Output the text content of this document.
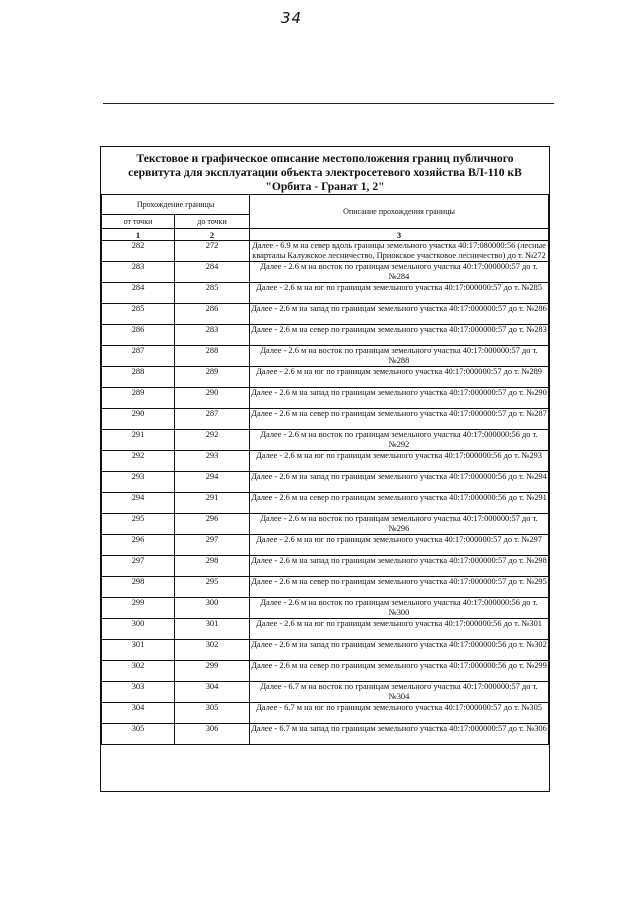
34
Текстовое и графическое описание местоположения границ публичного
сервитута для эксплуатации объекта электросетевого хозяйства ВЛ-110 кВ
"Орбита - Гранат 1, 2"
Прохождение границы		Описание прохождения границы
от точки	до точки	
1	2	3
282	272	Далее - 6.9 м на север вдоль границы земельного участка 40:17:080000:56 (лесные кварталы Калужское лесничество, Приокское участковое лесничество) до т. №272
283	284	Далее - 2.6 м на восток по границам земельного участка 40:17:000000:57 до т. №284
284	285	Далее - 2.6 м на юг по границам земельного участка 40:17:000000:57 до т. №285
285	286	Далее - 2.6 м на запад по границам земельного участка 40:17:000000:57 до т. №286
286	283	Далее - 2.6 м на север по границам земельного участка 40:17:000000:57 до т. №283
287	288	Далее - 2.6 м на восток по границам земельного участка 40:17:000000:57 до т. №288
288	289	Далее - 2.6 м на юг по границам земельного участка 40:17:000000:57 до т. №289
289	290	Далее - 2.6 м на запад по границам земельного участка 40:17:000000:57 до т. №290
290	287	Далее - 2.6 м на север по границам земельного участка 40:17:000000:57 до т. №287
291	292	Далее - 2.6 м на восток по границам земельного участка 40:17:000000:56 до т. №292
292	293	Далее - 2.6 м на юг по границам земельного участка 40:17:000000:56 до т. №293
293	294	Далее - 2.6 м на запад по границам земельного участка 40:17:000000:56 до т. №294
294	291	Далее - 2.6 м на север по границам земельного участка 40:17:000000:56 до т. №291
295	296	Далее - 2.6 м на восток по границам земельного участка 40:17:000000:57 до т. №296
296	297	Далее - 2.6 м на юг по границам земельного участка 40:17:000000:57 до т. №297
297	298	Далее - 2.6 м на запад по границам земельного участка 40:17:000000:57 до т. №298
298	295	Далее - 2.6 м на север по границам земельного участка 40:17:000000:57 до т. №295
299	300	Далее - 2.6 м на восток по границам земельного участка 40:17:000000:56 до т. №300
300	301	Далее - 2.6 м на юг по границам земельного участка 40:17:000000:56 до т. №301
301	302	Далее - 2.6 м на запад по границам земельного участка 40:17:000000:56 до т. №302
302	299	Далее - 2.6 м на север по границам земельного участка 40:17:000000:56 до т. №299
303	304	Далее - 6.7 м на восток по границам земельного участка 40:17:000000:57 до т. №304
304	305	Далее - 6.7 м на юг по границам земельного участка 40:17:000000:57 до т. №305
305	306	Далее - 6.7 м на запад по границам земельного участка 40:17:000000:57 до т. №306
